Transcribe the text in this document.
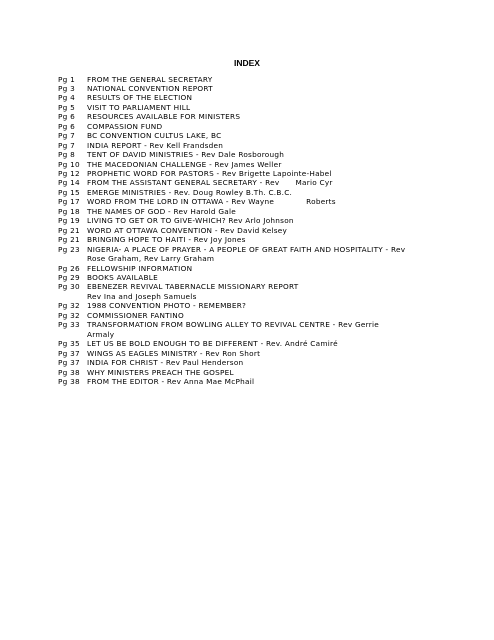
INDEX
Pg 1 FROM THE GENERAL SECRETARY
Pg 3 NATIONAL CONVENTION REPORT
Pg 4 RESULTS OF THE ELECTION
Pg 5 VISIT TO PARLIAMENT HILL
Pg 6 RESOURCES AVAILABLE FOR MINISTERS
Pg 6 COMPASSION FUND
Pg 7 BC CONVENTION CULTUS LAKE, BC
Pg 7 INDIA REPORT - Rev Kell Frandsden
Pg 8 TENT OF DAVID MINISTRIES - Rev Dale Rosborough
Pg 10 THE MACEDONIAN CHALLENGE - Rev James Weller
Pg 12 PROPHETIC WORD FOR PASTORS - Rev Brigette Lapointe-Habel
Pg 14 FROM THE ASSISTANT GENERAL SECRETARY - Rev Mario Cyr
Pg 15 EMERGE MINISTRIES - Rev. Doug Rowley B.Th. C.B.C.
Pg 17 WORD FROM THE LORD IN OTTAWA - Rev Wayne	Roberts
Pg 18 THE NAMES OF GOD - Rev Harold Gale
Pg 19 LIVING TO GET OR TO GIVE-WHICH? Rev Arlo Johnson
Pg 21 WORD AT OTTAWA CONVENTION - Rev David Kelsey
Pg 21 BRINGING HOPE TO HAITI - Rev Joy Jones
Pg 23 NIGERIA- A PLACE OF PRAYER - A PEOPLE OF GREAT FAITH AND HOSPITALITY - Rev
Rose Graham, Rev Larry Graham
Pg 26 FELLOWSHIP INFORMATION
Pg 29 BOOKS AVAILABLE
Pg 30 EBENEZER REVIVAL TABERNACLE MISSIONARY REPORT
Rev Ina and Joseph Samuels
Pg 32 1988 CONVENTION PHOTO - REMEMBER?
Pg 32 COMMISSIONER FANTINO
Pg 33 TRANSFORMATION FROM BOWLING ALLEY TO REVIVAL CENTRE - Rev Gerrie
Armaly
Pg 35 LET US BE BOLD ENOUGH TO BE DIFFERENT - Rev. André Camiré
Pg 37 WINGS AS EAGLES MINISTRY - Rev Ron Short
Pg 37 INDIA FOR CHRIST - Rev Paul Henderson
Pg 38 WHY MINISTERS PREACH THE GOSPEL
Pg 38 FROM THE EDITOR - Rev Anna Mae McPhail
